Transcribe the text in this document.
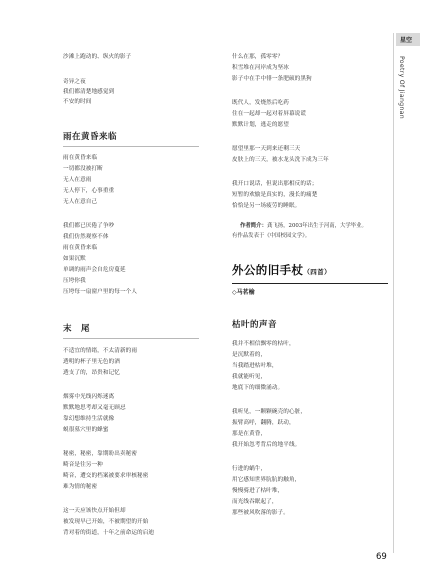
星空
Poetry Of Jiangnan
沙滩上跑动的、纵火的影子
奇异之夜
我们都清楚地感觉到
不安的时间
雨在黄昏来临
雨在黄昏来临
一切都没被打断
无人在意雨
无人停下，心事重重
无人在意自己
我们都已厌倦了争吵
我们仿然观察不体
雨在黄昏来临
如果沉默
单调的雨声会自危房蔓延
压垮你我
压垮每一扇窗户里的每一个人
末　尾
不适宜的情绪，不太清新的雨
透明的杯子里无色的酒
透支了的，昂贵和记忆
烟雾中光线闪烁迷离
默默地思考却又毫无顾忌
靠幻想维持生活就像
蜕很墓穴里的蜂蜜
秘密，秘密，靠期盼出卖秘密
畸音是往另一种
畸音，遭交的档案被要求审核秘密
难为情的秘密
这一天应该快点开始但却
被发现早已开始，不被期望的开始
背对着的街道，十年之前命运的启迪
什么在那，孤零零？
积雪堆在河岸成为坚冰
影子中在手中徘一条肥硕的黑狗
既代人，发烧然后吃药
住在一起却一起对着屏幕说谎
默默计划，逃走的愿望
愿望里那一天到来还剩三天
皮肤上的三天，被水龙头洗下成为三年
我开口说话，但说出那相反的话；
短暂的欢愉是真实的，漫长的痛楚
恰恰是另一场疲劳的睡眠。
作者简介：龚飞扬，2003年出生于河南，大学毕业。
有作品发表于《中国校园文学》。
外公的旧手杖（四首）
◇马茗榆
枯叶的声音
我并不相信飘零的枯叶，
是沉默着的，
当我踏进枯叶堆，
我就能听见，
地底下的细微涌动。
我听见，一颗颗碗壳的心脏，
振臂高呼，翻腾，跃动，
那是在黄昏，
我开始忽考背后的地平线。
行进的蜗牛，
用它感知世界肮肮的触角，
慢慢骑进了枯叶堆，
而光线吞眠起了，
那些被风吹落的影子。
69
